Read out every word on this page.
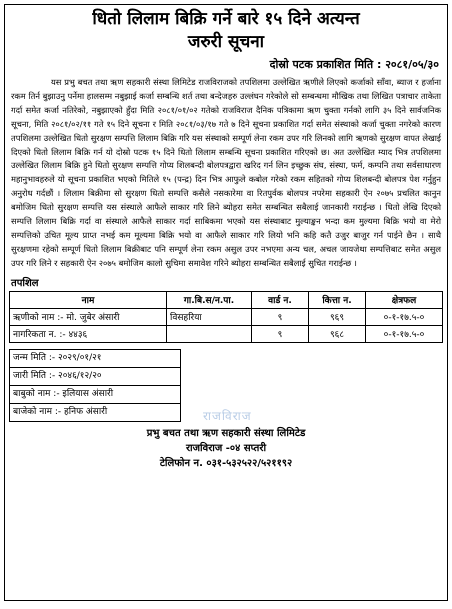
धितो लिलाम बिक्रि गर्ने बारे १५ दिने अत्यन्त
जरुरी सूचना
दोस्रो पटक प्रकाशित मिति : २०८१/०५/३०
यस प्रभु बचत तथा ऋण सहकारी संस्था लिमिटेड राजविराजको तपशिलमा उल्लेखित ऋणीले लिएको कर्जाको साँवा, ब्याज र हर्जाना रकम तिर्न बुझाउनु पर्नेमा हालसम्म नबुझाई कर्जा सम्बन्धि शर्त तथा बन्देजहरु उल्लंघन गरेकोले सो सम्बन्धमा मौखिक तथा लिखित पत्राचार ताकेता गर्दा समेत कर्जा नतिरेको, नबुझाएको हुँदा मिति २०८१/०१/०२ गतेको राजविराज दैनिक पत्रिकामा ऋण चुक्ता गर्नको लागि ३५ दिने सार्वजनिक सूचना, मिति २०८१/०२/११ गते १५ दिने सूचना र मिति २०८१/०३/१७ गते ७ दिने सूचना प्रकाशित गर्दा समेत संस्थाको कर्जा चुक्ता नगरेको कारण तपशिलमा उल्लेखित धितो सुरक्षण सम्पत्ति लिलाम बिक्रि गरि यस संस्थाको सम्पूर्ण लेना रकम उपर गरि लिनको लागि ऋणको सुरक्षण वापत लेखाई दिएको धितो लिलाम बिक्रि गर्न यो दोस्रो पटक १५ दिने धितो लिलाम सम्बन्धि सूचना प्रकाशित गरिएको छ। अत उल्लेखित म्याद भित्र तपशिलमा उल्लेखित लिलाम बिक्रि हुने धितो सुरक्षण सम्पत्ति गोप्य शिलबन्दी बोलपत्रद्वारा खरिद गर्न लिन इच्छुक संघ, संस्था, फर्म, कम्पनि तथा सर्वसाधारण महानुभावहरुले यो सूचना प्रकाशित भएको मितिले १५ (पन्द्र) दिन भित्र आफुले कबोल गरेको रकम सहितको गोप्य शिलबन्दी बोलपत्र पेश गर्नुहुन अनुरोध गर्दछौं । लिलाम बिक्रीमा सो सुरक्षण धितो सम्पत्ति कसैले नसकारेमा वा रितपुर्वक बोलपत्र नपरेमा सहकारी ऐन २०७५ प्रचलित कानुन बमोजिम धितो सुरक्षण सम्पत्ति यस संस्थाले आफैले साकार गरि लिने ब्योहरा समेत सम्बन्धित सबैलाई जानकारी गराईन्छ । धितो लेखि दिएको सम्पत्ति लिलाम बिक्रि गर्दा वा संस्थाले आफैले साकार गर्दा साबिकमा भएको यस संस्थाबाट मुल्याङ्कन भन्दा कम मुल्यमा बिक्रि भयो वा मेरो सम्पत्तिको उचित मूल्य प्राप्त नभई कम मूल्यमा बिक्रि भयो वा आफैले साकार गरि लियो भनि कहि कतै उजुर बाजुर गर्न पाईने छैन । साथै सुरक्षणमा रहेको सम्पूर्ण धितो लिलाम बिक्रीबाट पनि सम्पूर्ण लेना रकम असुल उपर नभएमा अन्य चल, अचल जायजेथा सम्पत्तिबाट समेत असुल उपर गरि लिने र सहकारी ऐन २०७५ बमोजिम कालो सुचिमा समावेश गरिने ब्योहरा सम्बन्धित सबैलाई सुचित गराईन्छ ।
तपशिल
नाम	गा.बि.स/न.पा.	वार्ड न.	कित्ता न.	क्षेत्रफल
ऋणीको नाम :- मो. जुबेर अंसारी	विसहरिया	९	९६९	०-१-१७.५-०
नागरिकता न. :- ४४३६		९	९६८	०-१-१७.५-०
जन्म मिति :- २०२९/०१/२१
जारी मिति :- २०४६/१२/२०
बाबुको नाम :- इलियास अंसारी
बाजेको नाम :- हनिफ अंसारी
प्रभु बचत तथा ऋण सहकारी संस्था लिमिटेड
राजविराज -०४ सप्तरी
टेलिफोन न. ०३१-५३२५२२/५२११९२
राजविराज
